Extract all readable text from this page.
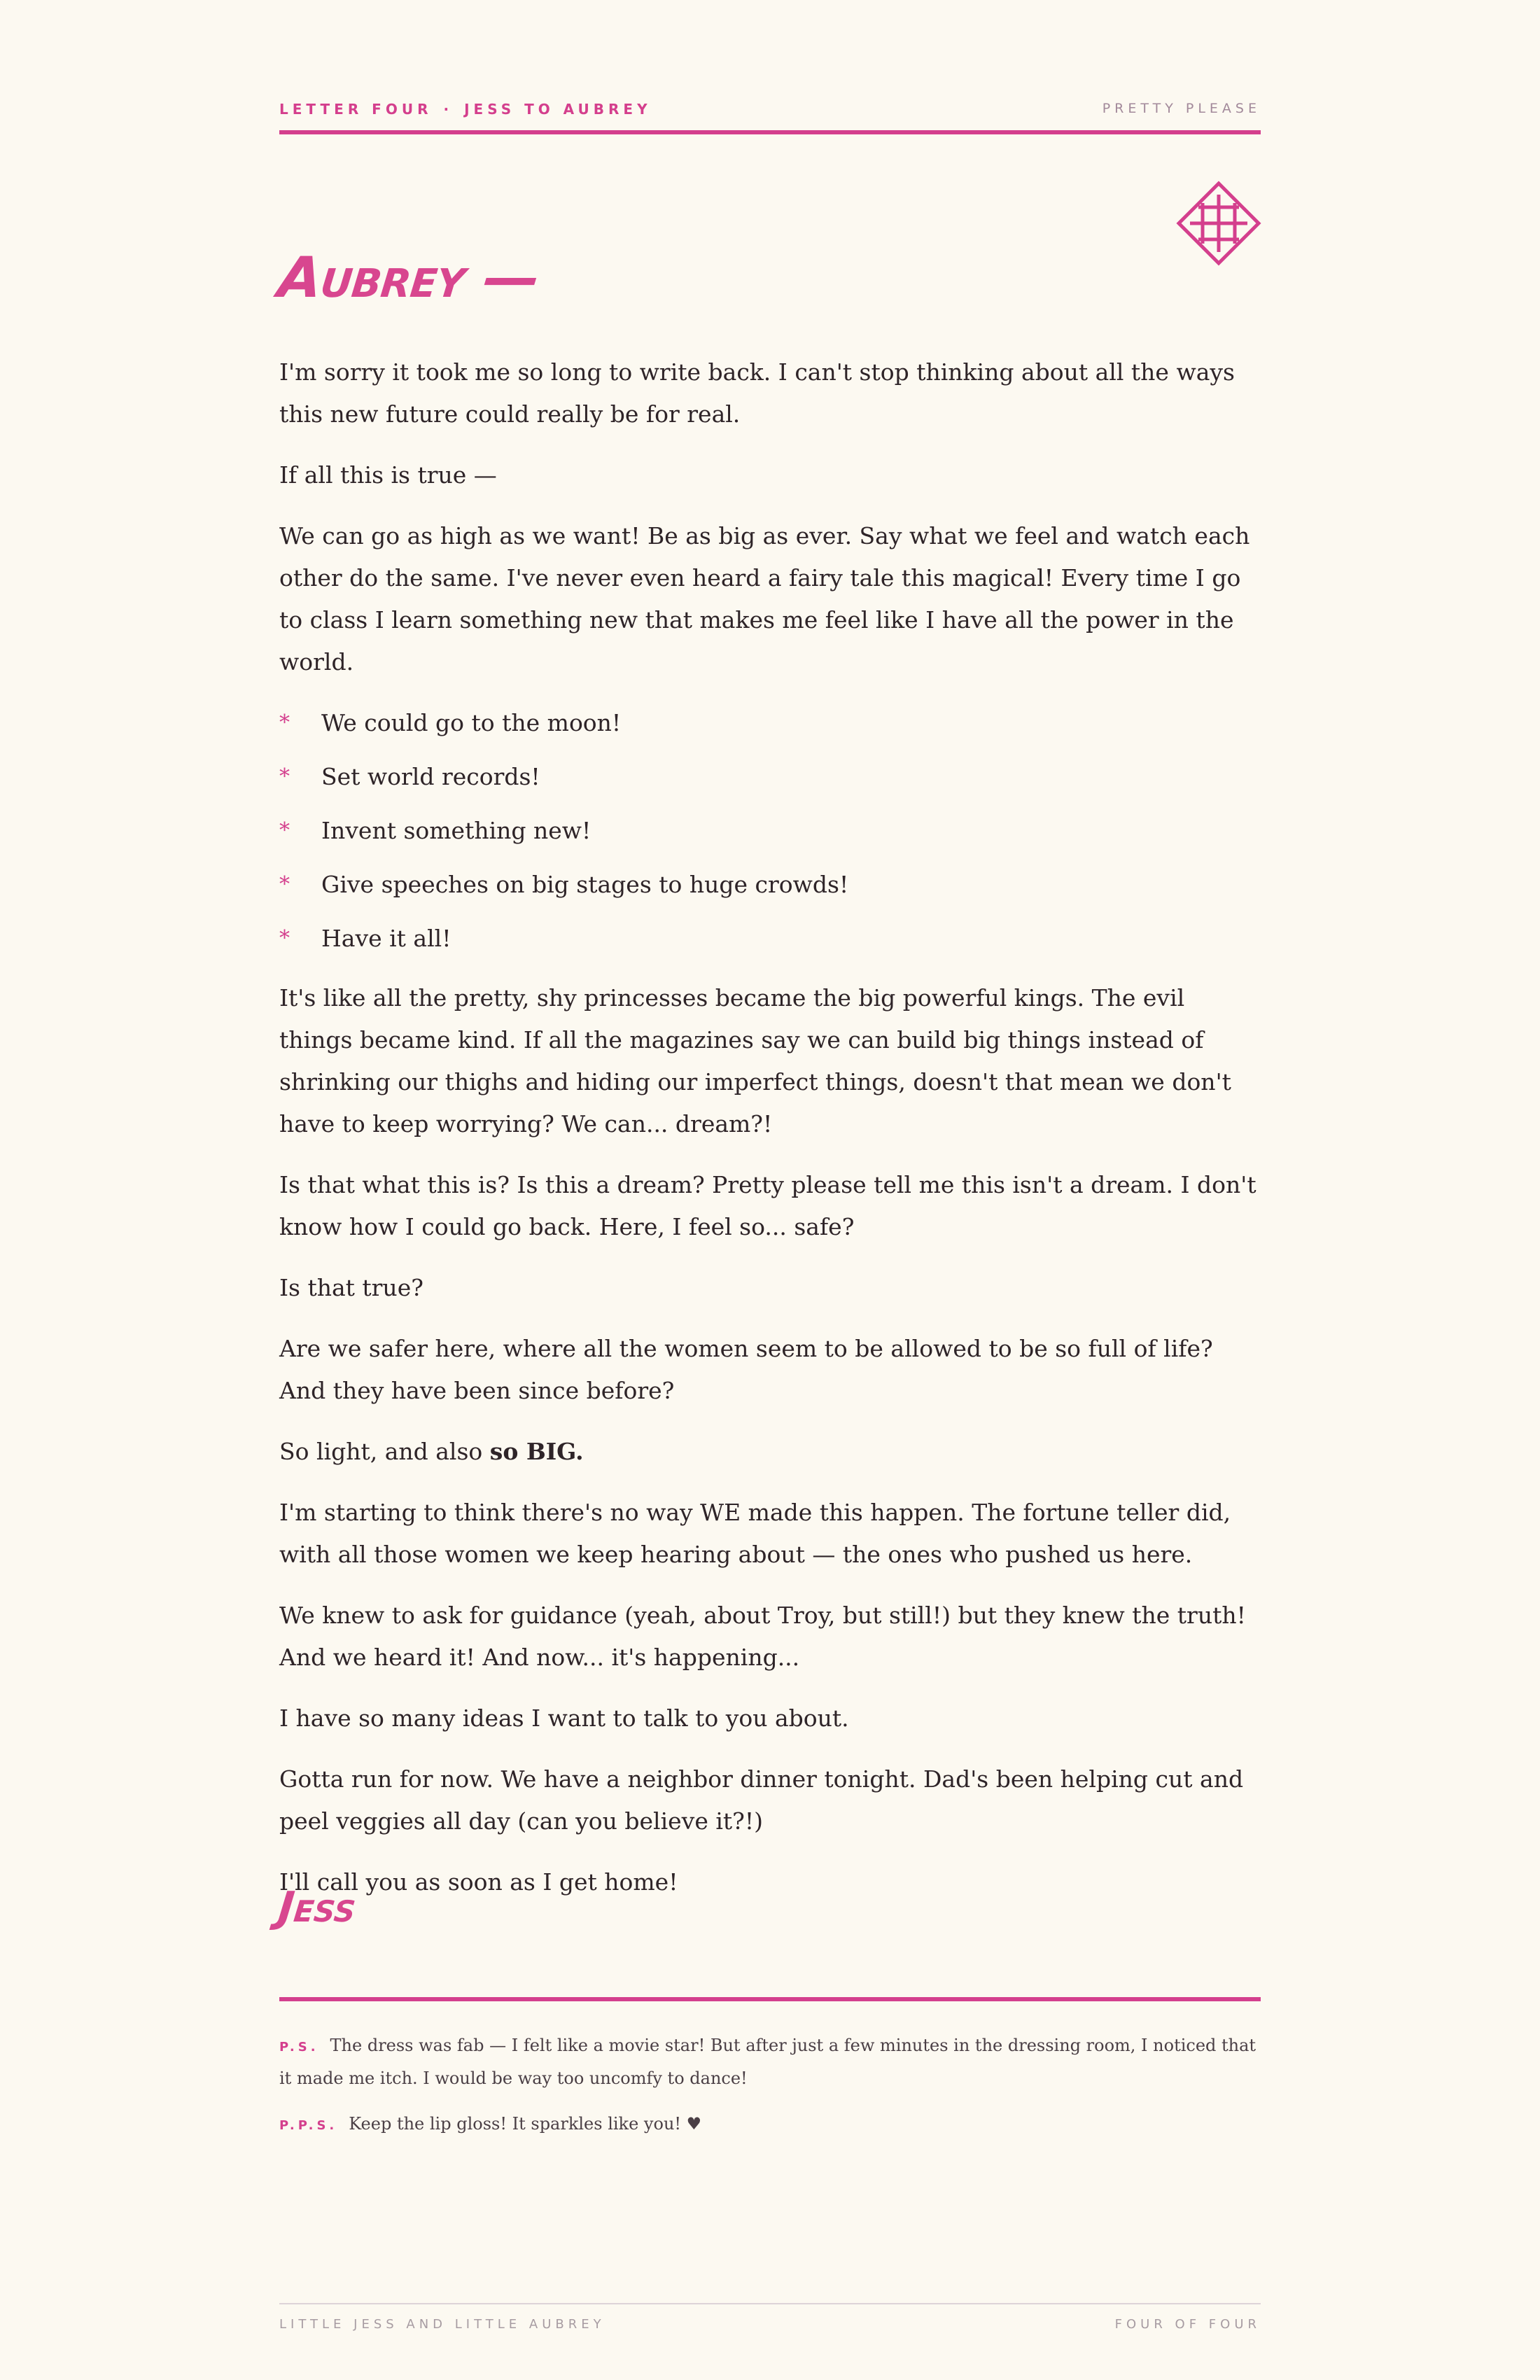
LETTER FOUR · JESS TO AUBREY	PRETTY PLEASE
Aubrey —

I'm sorry it took me so long to write back. I can't stop thinking about all the ways this new future could really be for real.

If all this is true —

We can go as high as we want! Be as big as ever. Say what we feel and watch each other do the same. I've never even heard a fairy tale this magical! Every time I go to class I learn something new that makes me feel like I have all the power in the world.

* We could go to the moon!
* Set world records!
* Invent something new!
* Give speeches on big stages to huge crowds!
* Have it all!

It's like all the pretty, shy princesses became the big powerful kings. The evil things became kind. If all the magazines say we can build big things instead of shrinking our thighs and hiding our imperfect things, doesn't that mean we don't have to keep worrying? We can... dream?!

Is that what this is? Is this a dream? Pretty please tell me this isn't a dream. I don't know how I could go back. Here, I feel so... safe?

Is that true?

Are we safer here, where all the women seem to be allowed to be so full of life? And they have been since before?

So light, and also so BIG.

I'm starting to think there's no way WE made this happen. The fortune teller did, with all those women we keep hearing about — the ones who pushed us here.

We knew to ask for guidance (yeah, about Troy, but still!) but they knew the truth! And we heard it! And now... it's happening...

I have so many ideas I want to talk to you about.

Gotta run for now. We have a neighbor dinner tonight. Dad's been helping cut and peel veggies all day (can you believe it?!)

I'll call you as soon as I get home!

Jess
P.S. The dress was fab — I felt like a movie star! But after just a few minutes in the dressing room, I noticed that it made me itch. I would be way too uncomfy to dance!
P.P.S. Keep the lip gloss! It sparkles like you! ♥
LITTLE JESS AND LITTLE AUBREY	FOUR OF FOUR
